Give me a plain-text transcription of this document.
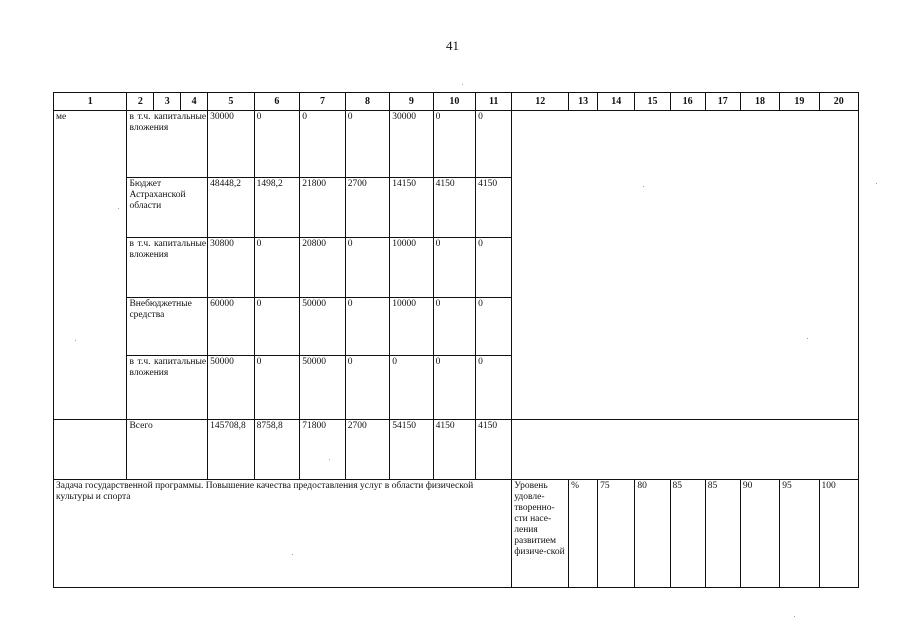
41
1	2	3	4	5	6	7	8	9	10	11	12	13	14	15	16	17	18	19	20
ме	в т.ч. капитальные вложения			30000	0	0	0	30000	0	0									
	Бюджет Астраханской области			48448,2	1498,2	21800	2700	14150	4150	4150									
	в т.ч. капитальные вложения			30800	0	20800	0	10000	0	0									
	Внебюджетные средства			60000	0	50000	0	10000	0	0									
	в т.ч. капитальные вложения			50000	0	50000	0	0	0	0									
	Всего			145708,8	8758,8	71800	2700	54150	4150	4150									
Задача государственной программы. Повышение качества предоставления услуг в области физической культуры и спорта											Уровень удовле-творенно-сти насе-ления развитием физиче-ской	%	75	80	85	85	90	95	100
